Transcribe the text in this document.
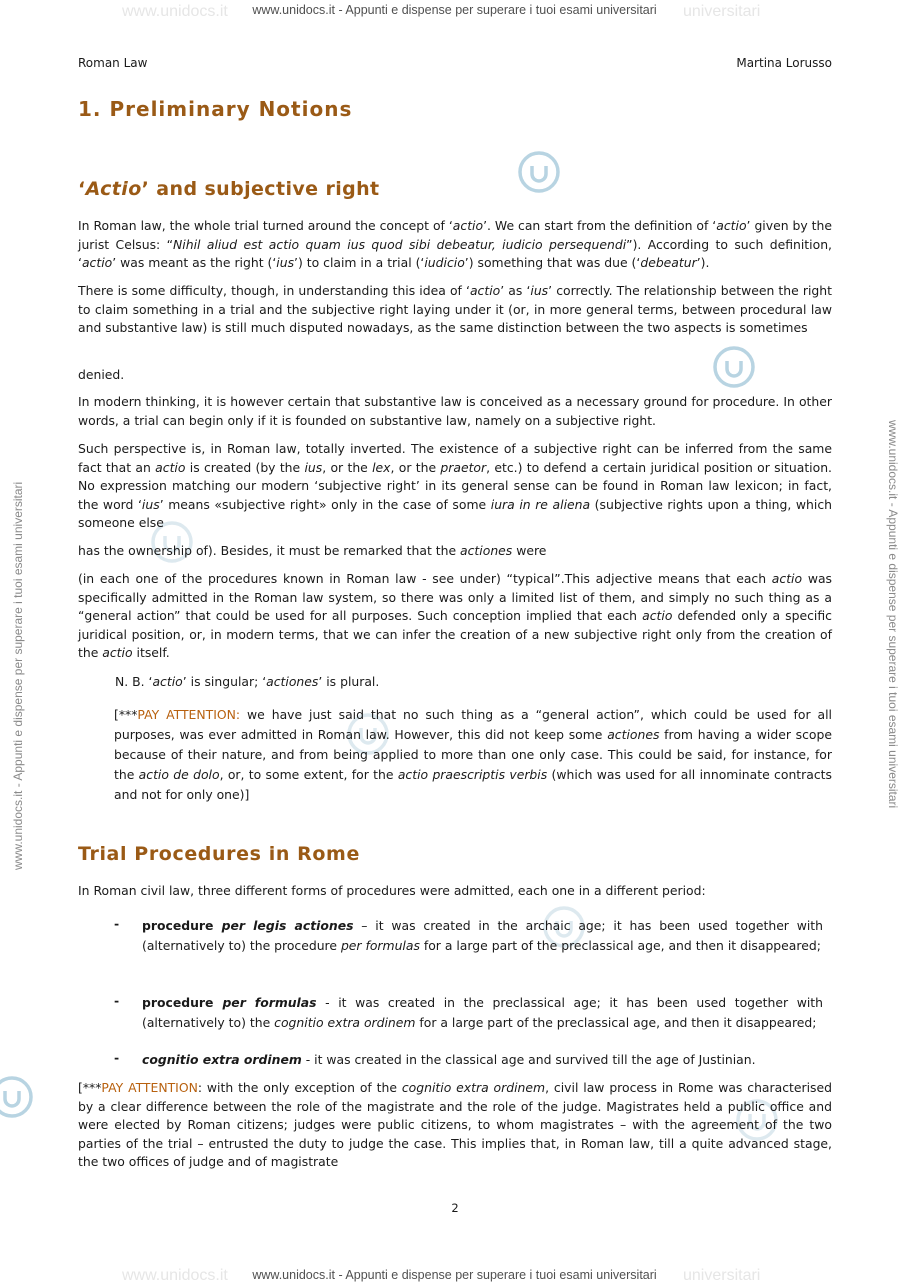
www.unidocs.it	universitari
www.unidocs.it - Appunti e dispense per superare i tuoi esami universitari
www.unidocs.it	universitari
www.unidocs.it - Appunti e dispense per superare i tuoi esami universitari
www.unidocs.it - Appunti e dispense per superare i tuoi esami universitari	www.unidocs.it - Appunti e dispense per superare i tuoi esami universitari
Roman Law	Martina Lorusso
1. Preliminary Notions
‘Actio’ and subjective right

In Roman law, the whole trial turned around the concept of ‘actio’. We can start from the definition of ‘actio’ given by the jurist Celsus: “Nihil aliud est actio quam ius quod sibi debeatur, iudicio persequendi”). According to such definition, ‘actio’ was meant as the right (‘ius’) to claim in a trial (‘iudicio’) something that was due (‘debeatur’).

There is some difficulty, though, in understanding this idea of ‘actio’ as ‘ius’ correctly. The relationship between the right to claim something in a trial and the subjective right laying under it (or, in more general terms, between procedural law and substantive law) is still much disputed nowadays, as the same distinction between the two aspects is sometimes

denied.

In modern thinking, it is however certain that substantive law is conceived as a necessary ground for procedure. In other words, a trial can begin only if it is founded on substantive law, namely on a subjective right.

Such perspective is, in Roman law, totally inverted. The existence of a subjective right can be inferred from the same fact that an actio is created (by the ius, or the lex, or the praetor, etc.) to defend a certain juridical position or situation. No expression matching our modern ‘subjective right’ in its general sense can be found in Roman law lexicon; in fact, the word ‘ius’ means «subjective right» only in the case of some iura in re aliena (subjective rights upon a thing, which someone else

has the ownership of). Besides, it must be remarked that the actiones were

(in each one of the procedures known in Roman law - see under) “typical”.This adjective means that each actio was specifically admitted in the Roman law system, so there was only a limited list of them, and simply no such thing as a “general action” that could be used for all purposes. Such conception implied that each actio defended only a specific juridical position, or, in modern terms, that we can infer the creation of a new subjective right only from the creation of the actio itself.

N. B. ‘actio’ is singular; ‘actiones’ is plural.

[***PAY ATTENTION: we have just said that no such thing as a “general action”, which could be used for all purposes, was ever admitted in Roman law. However, this did not keep some actiones from having a wider scope because of their nature, and from being applied to more than one only case. This could be said, for instance, for the actio de dolo, or, to some extent, for the actio praescriptis verbis (which was used for all innominate contracts and not for only one)]

Trial Procedures in Rome

In Roman civil law, three different forms of procedures were admitted, each one in a different period:

- procedure per legis actiones – it was created in the archaic age; it has been used together with (alternatively to) the procedure per formulas for a large part of the preclassical age, and then it disappeared;

- procedure per formulas - it was created in the preclassical age; it has been used together with (alternatively to) the cognitio extra ordinem for a large part of the preclassical age, and then it disappeared;

- cognitio extra ordinem - it was created in the classical age and survived till the age of Justinian.

[***PAY ATTENTION: with the only exception of the cognitio extra ordinem, civil law process in Rome was characterised by a clear difference between the role of the magistrate and the role of the judge. Magistrates held a public office and were elected by Roman citizens; judges were public citizens, to whom magistrates – with the agreement of the two parties of the trial – entrusted the duty to judge the case. This implies that, in Roman law, till a quite advanced stage, the two offices of judge and of magistrate

2
